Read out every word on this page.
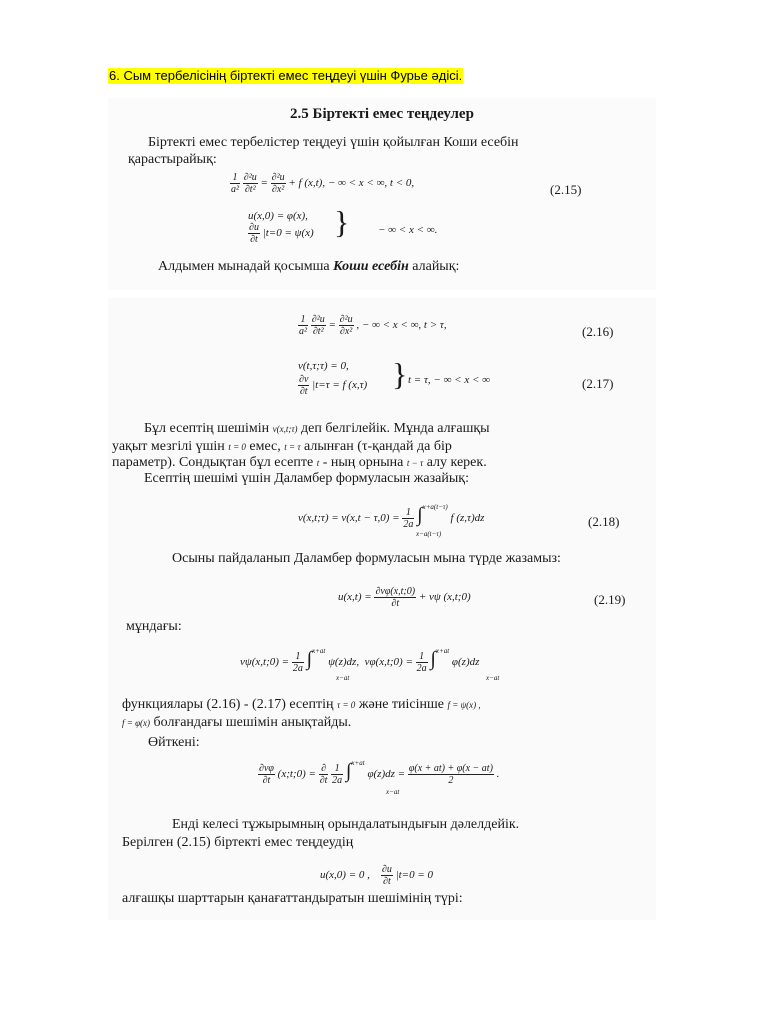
6. Сым тербелісінің біртекті емес теңдеуі үшін Фурье әдісі.
2.5 Біртекті емес теңдеулер
Біртекті емес тербелістер теңдеуі үшін қойылған Коши есебін
қарастырайық:
$\frac{1}{\text{a²}}$
$\frac{\text{∂²u}}{\text{∂t²}} = \frac{\text{∂²u}}{\text{∂x²}} + f$ (x,t), − ∞ < x < ∞, t < 0,	(2.15)
u(x,0) = φ(x),
$\frac{\partial u}{\partial t} |t=0 = \psi(x)$ }	− ∞ < x < ∞.
Алдымен мынадай қосымша Коши есебін алайық:
$\frac{1}{\text{a²}}$
$\frac{\text{∂²u}}{\text{∂t²}} = \frac{\text{∂²u}}{\text{∂x²}}$ , − ∞ < x < ∞, t > τ,	(2.16)
v(t,τ;τ) = 0,
$\frac{\partial v}{\partial t} |t=\tau = f$ (x,τ) } t = τ, − ∞ < x < ∞	(2.17)
Бұл есептің шешімін v(x,t;τ) деп белгілейік. Мұнда алғашқы
уақыт мезгілі үшін t = 0 емес, t = τ алынған (τ-қандай да бір
параметр). Сондықтан бұл есепте t - ның орнына t − τ алу керек.
Есептің шешімі үшін Даламбер формуласын жазайық:
v(x,t;τ) = $v(x,t - \tau,0) = \frac{1}{2a} \int^{x+a(t-\tau)}$ f (z,τ)dz
x−a(t−τ)
(2.18)
Осыны пайдаланып Даламбер формуласын мына түрде жазамыз:
$u(x,t) = \frac{\partial v\varphi(x,t;0)}{\partial t} + v\psi$ (x,t;0)	(2.19)
мұндағы:
vψ(x,t;0) = $\frac{1}{2a} \int^{x+at}$ ψ(z)dz, vφ(x,t;0) = $\frac{1}{2a} \int^{x+at}$ φ(z)dz
x−at	x−at
функциялары (2.16) - (2.17) есептің τ = 0 және тиісінше f = ψ(x) ,
f = φ(x) болғандағы шешімін анықтайды.
Өйткені:
$\frac{\partial v\varphi}{\partial t}$ (x;t;0) = $\frac{\partial}{\partial t}$
$\frac{1}{2a} \int^{x+at}$ $\varphi(z)dz = \frac{\varphi(x + at) + \varphi(x - at)}{2}$ .
x−at
Енді келесі тұжырымның орындалатындығын дәлелдейік.
Берілген (2.15) біртекті емес теңдеудің
u(x,0) = 0 , $\frac{\partial u}{\partial t} |t=0 = 0$
алғашқы шарттарын қанағаттандыратын шешімінің түрі:
